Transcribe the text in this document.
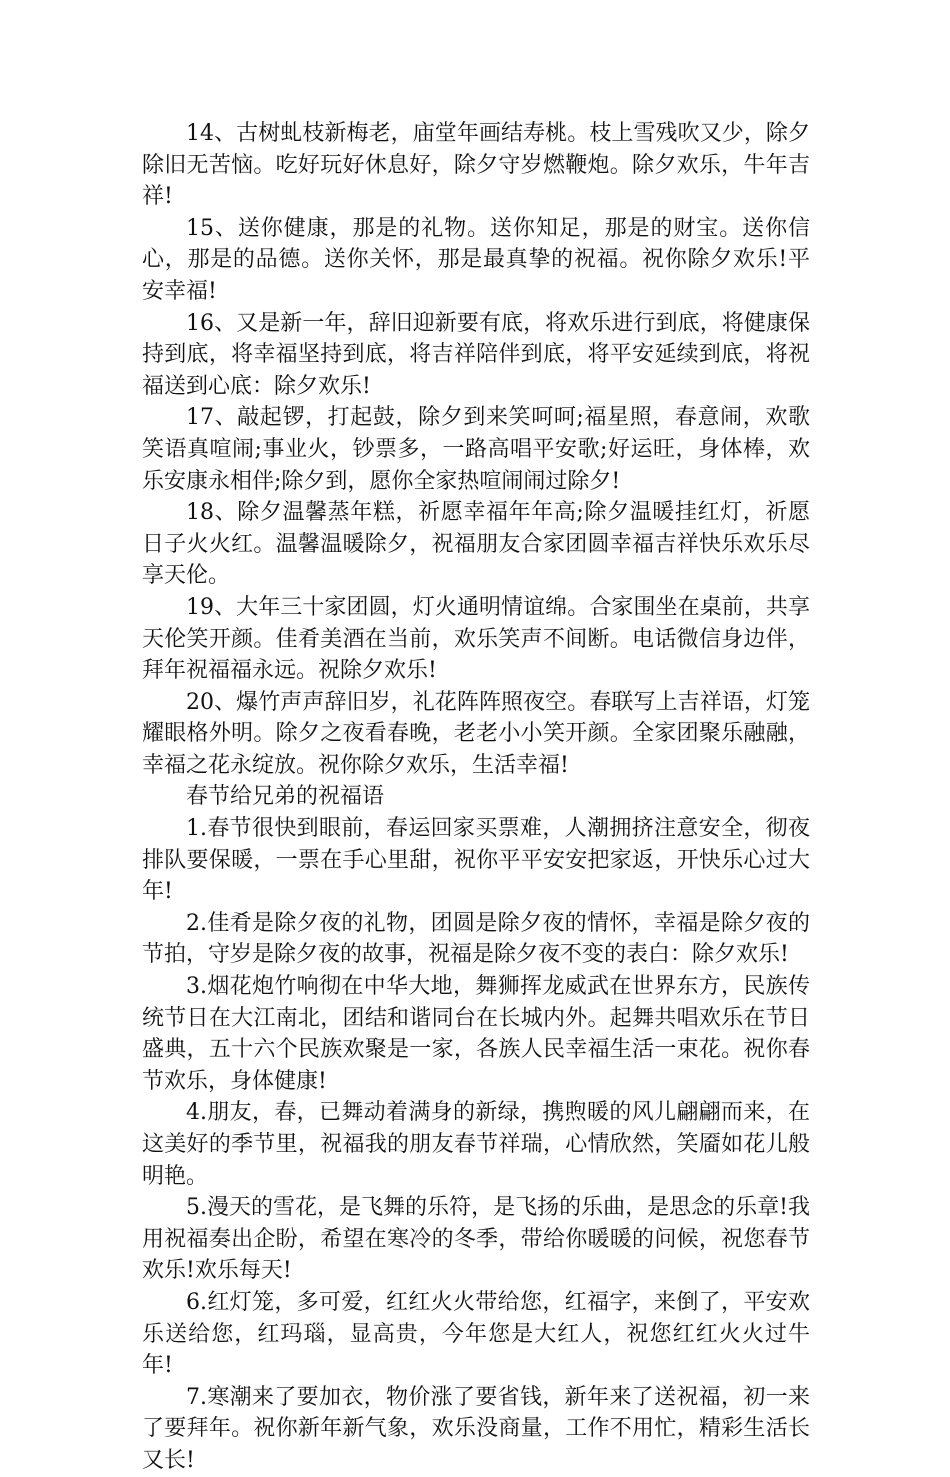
14、古树虬枝新梅老，庙堂年画结寿桃。枝上雪残吹又少，除夕除旧无苦恼。吃好玩好休息好，除夕守岁燃鞭炮。除夕欢乐，牛年吉祥!

15、送你健康，那是的礼物。送你知足，那是的财宝。送你信心，那是的品德。送你关怀，那是最真挚的祝福。祝你除夕欢乐!平安幸福!

16、又是新一年，辞旧迎新要有底，将欢乐进行到底，将健康保持到底，将幸福坚持到底，将吉祥陪伴到底，将平安延续到底，将祝福送到心底：除夕欢乐!

17、敲起锣，打起鼓，除夕到来笑呵呵;福星照，春意闹，欢歌笑语真喧闹;事业火，钞票多，一路高唱平安歌;好运旺，身体棒，欢乐安康永相伴;除夕到，愿你全家热喧闹闹过除夕!

18、除夕温馨蒸年糕，祈愿幸福年年高;除夕温暖挂红灯，祈愿日子火火红。温馨温暖除夕，祝福朋友合家团圆幸福吉祥快乐欢乐尽享天伦。

19、大年三十家团圆，灯火通明情谊绵。合家围坐在桌前，共享天伦笑开颜。佳肴美酒在当前，欢乐笑声不间断。电话微信身边伴，拜年祝福福永远。祝除夕欢乐!

20、爆竹声声辞旧岁，礼花阵阵照夜空。春联写上吉祥语，灯笼耀眼格外明。除夕之夜看春晚，老老小小笑开颜。全家团聚乐融融，幸福之花永绽放。祝你除夕欢乐，生活幸福!

春节给兄弟的祝福语

1.春节很快到眼前，春运回家买票难，人潮拥挤注意安全，彻夜排队要保暖，一票在手心里甜，祝你平平安安把家返，开快乐心过大年!

2.佳肴是除夕夜的礼物，团圆是除夕夜的情怀，幸福是除夕夜的节拍，守岁是除夕夜的故事，祝福是除夕夜不变的表白：除夕欢乐!

3.烟花炮竹响彻在中华大地，舞狮挥龙威武在世界东方，民族传统节日在大江南北，团结和谐同台在长城内外。起舞共唱欢乐在节日盛典，五十六个民族欢聚是一家，各族人民幸福生活一束花。祝你春节欢乐，身体健康!

4.朋友，春，已舞动着满身的新绿，携煦暖的风儿翩翩而来，在这美好的季节里，祝福我的朋友春节祥瑞，心情欣然，笑靥如花儿般明艳。

5.漫天的雪花，是飞舞的乐符，是飞扬的乐曲，是思念的乐章!我用祝福奏出企盼，希望在寒冷的冬季，带给你暖暖的问候，祝您春节欢乐!欢乐每天!

6.红灯笼，多可爱，红红火火带给您，红福字，来倒了，平安欢乐送给您，红玛瑙，显高贵，今年您是大红人，祝您红红火火过牛年!

7.寒潮来了要加衣，物价涨了要省钱，新年来了送祝福，初一来了要拜年。祝你新年新气象，欢乐没商量，工作不用忙，精彩生活长又长!
